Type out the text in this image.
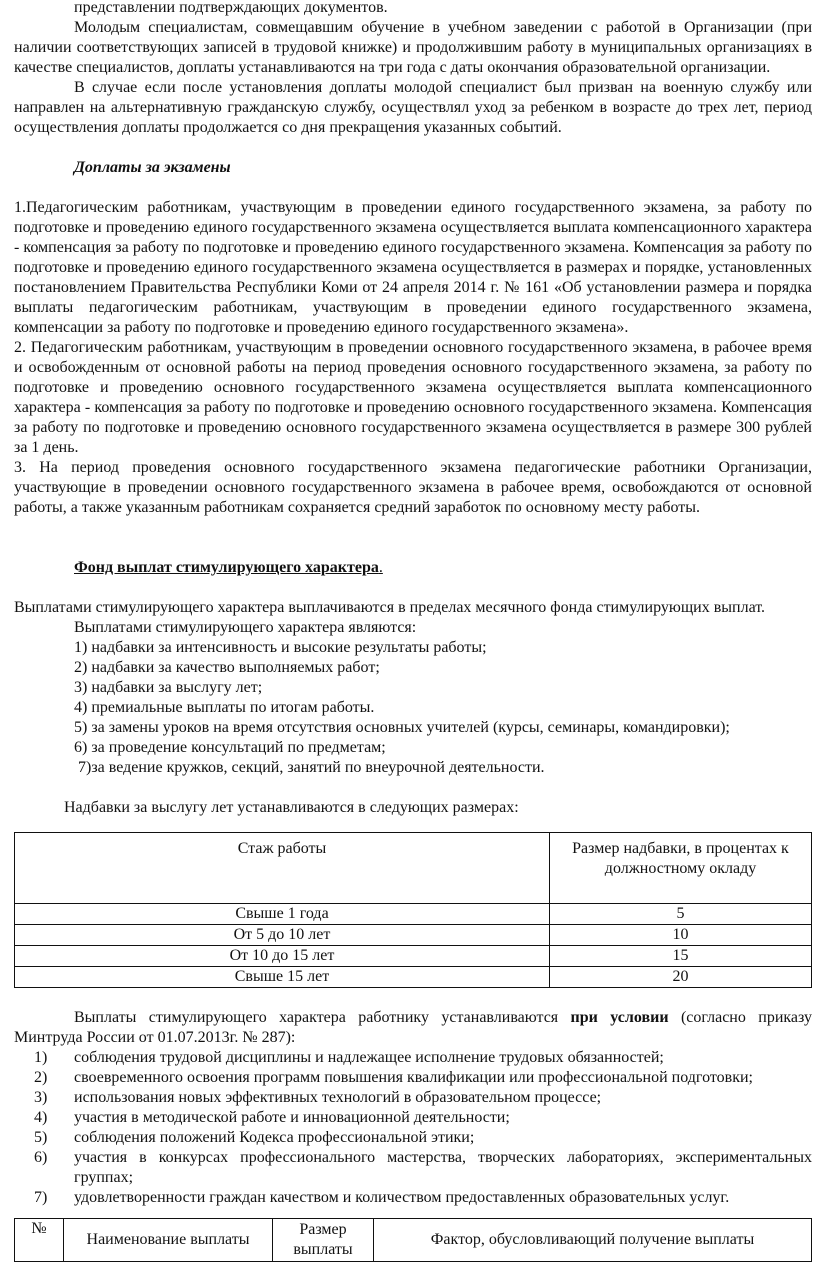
представлении подтверждающих документов.

Молодым специалистам, совмещавшим обучение в учебном заведении с работой в Организации (при наличии соответствующих записей в трудовой книжке) и продолжившим работу в муниципальных организациях в качестве специалистов, доплаты устанавливаются на три года с даты окончания образовательной организации.

В случае если после установления доплаты молодой специалист был призван на военную службу или направлен на альтернативную гражданскую службу, осуществлял уход за ребенком в возрасте до трех лет, период осуществления доплаты продолжается со дня прекращения указанных событий.

Доплаты за экзамены

1.Педагогическим работникам, участвующим в проведении единого государственного экзамена, за работу по подготовке и проведению единого государственного экзамена осуществляется выплата компенсационного характера - компенсация за работу по подготовке и проведению единого государственного экзамена. Компенсация за работу по подготовке и проведению единого государственного экзамена осуществляется в размерах и порядке, установленных постановлением Правительства Республики Коми от 24 апреля 2014 г. № 161 «Об установлении размера и порядка выплаты педагогическим работникам, участвующим в проведении единого государственного экзамена, компенсации за работу по подготовке и проведению единого государственного экзамена».

2. Педагогическим работникам, участвующим в проведении основного государственного экзамена, в рабочее время и освобожденным от основной работы на период проведения основного государственного экзамена, за работу по подготовке и проведению основного государственного экзамена осуществляется выплата компенсационного характера - компенсация за работу по подготовке и проведению основного государственного экзамена. Компенсация за работу по подготовке и проведению основного государственного экзамена осуществляется в размере 300 рублей за 1 день.

3. На период проведения основного государственного экзамена педагогические работники Организации, участвующие в проведении основного государственного экзамена в рабочее время, освобождаются от основной работы, а также указанным работникам сохраняется средний заработок по основному месту работы.

Фонд выплат стимулирующего характера.

Выплатами стимулирующего характера выплачиваются в пределах месячного фонда стимулирующих выплат.

Выплатами стимулирующего характера являются:

1) надбавки за интенсивность и высокие результаты работы;
2) надбавки за качество выполняемых работ;
3) надбавки за выслугу лет;
4) премиальные выплаты по итогам работы.
5) за замены уроков на время отсутствия основных учителей (курсы, семинары, командировки);
6) за проведение консультаций по предметам;
7)за ведение кружков, секций, занятий по внеурочной деятельности.

Надбавки за выслугу лет устанавливаются в следующих размерах:

Стаж работы	Размер надбавки, в процентах к должностному окладу
Свыше 1 года	5
От 5 до 10 лет	10
От 10 до 15 лет	15
Свыше 15 лет	20

Выплаты стимулирующего характера работнику устанавливаются при условии (согласно приказу Минтруда России от 01.07.2013г. № 287):

1)	соблюдения трудовой дисциплины и надлежащее исполнение трудовых обязанностей;
2)	своевременного освоения программ повышения квалификации или профессиональной подготовки;
3)	использования новых эффективных технологий в образовательном процессе;
4)	участия в методической работе и инновационной деятельности;
5)	соблюдения положений Кодекса профессиональной этики;
6)	участия в конкурсах профессионального мастерства, творческих лабораториях, экспериментальных группах;
7)	удовлетворенности граждан качеством и количеством предоставленных образовательных услуг.
№	Наименование выплаты	Размер выплаты	Фактор, обусловливающий получение выплаты
